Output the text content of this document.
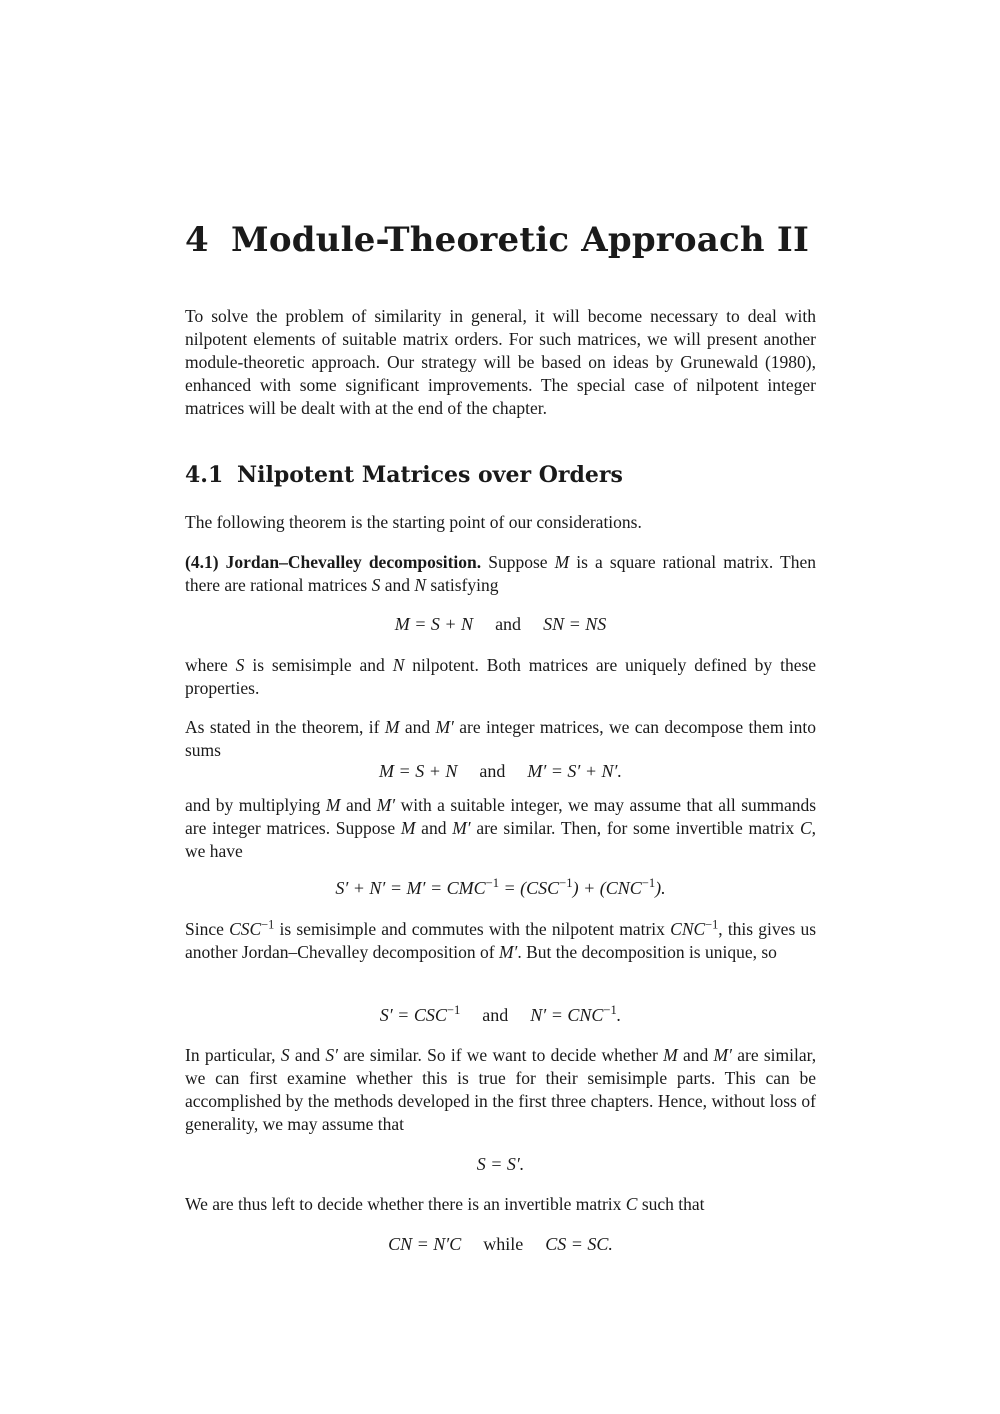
4 Module-Theoretic Approach II

To solve the problem of similarity in general, it will become necessary to deal with nilpotent elements of suitable matrix orders. For such matrices, we will present another module-theoretic approach. Our strategy will be based on ideas by Grunewald (1980), enhanced with some significant improvements. The special case of nilpotent integer matrices will be dealt with at the end of the chapter.

4.1 Nilpotent Matrices over Orders

The following theorem is the starting point of our considerations.

(4.1) Jordan–Chevalley decomposition. Suppose M is a square rational matrix. Then there are rational matrices S and N satisfying

M = S + N and SN = NS

where S is semisimple and N nilpotent. Both matrices are uniquely defined by these properties.

As stated in the theorem, if M and M′ are integer matrices, we can decompose them into sums

M = S + N and M′ = S′ + N′.

and by multiplying M and M′ with a suitable integer, we may assume that all summands are integer matrices. Suppose M and M′ are similar. Then, for some invertible matrix C, we have

$S' + N' = M' = CMC^{-1} = (CSC^{-1}) + (CNC^{-1})$.

Since $CSC^{-1}$ is semisimple and commutes with the nilpotent matrix $CNC^{-1}$, this gives us another Jordan–Chevalley decomposition of M′. But the decomposition is unique, so

$S' = CSC^{-1}$ and $N' = CNC^{-1}$.

In particular, S and S′ are similar. So if we want to decide whether M and M′ are similar, we can first examine whether this is true for their semisimple parts. This can be accomplished by the methods developed in the first three chapters. Hence, without loss of generality, we may assume that

S = S′.

We are thus left to decide whether there is an invertible matrix C such that

CN = N′C while CS = SC.
